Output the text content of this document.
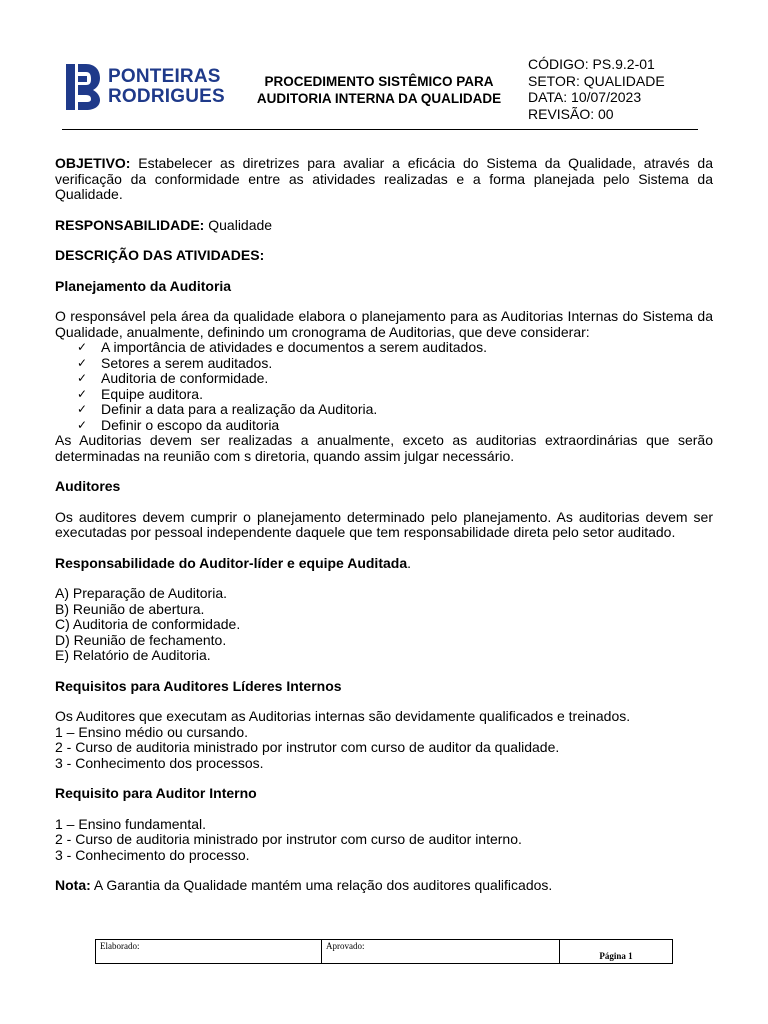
PONTEIRAS
RODRIGUES
PROCEDIMENTO SISTÊMICO PARA
AUDITORIA INTERNA DA QUALIDADE
CÓDIGO: PS.9.2-01
SETOR: QUALIDADE
DATA: 10/07/2023
REVISÃO: 00

OBJETIVO: Estabelecer as diretrizes para avaliar a eficácia do Sistema da Qualidade, através da verificação da conformidade entre as atividades realizadas e a forma planejada pelo Sistema da Qualidade.

RESPONSABILIDADE: Qualidade

DESCRIÇÃO DAS ATIVIDADES:

Planejamento da Auditoria

O responsável pela área da qualidade elabora o planejamento para as Auditorias Internas do Sistema da Qualidade, anualmente, definindo um cronograma de Auditorias, que deve considerar:

✓ A importância de atividades e documentos a serem auditados.
✓ Setores a serem auditados.
✓ Auditoria de conformidade.
✓ Equipe auditora.
✓ Definir a data para a realização da Auditoria.
✓ Definir o escopo da auditoria

As Auditorias devem ser realizadas a anualmente, exceto as auditorias extraordinárias que serão determinadas na reunião com s diretoria, quando assim julgar necessário.

Auditores

Os auditores devem cumprir o planejamento determinado pelo planejamento. As auditorias devem ser executadas por pessoal independente daquele que tem responsabilidade direta pelo setor auditado.

Responsabilidade do Auditor-líder e equipe Auditada.

A) Preparação de Auditoria.
B) Reunião de abertura.
C) Auditoria de conformidade.
D) Reunião de fechamento.
E) Relatório de Auditoria.

Requisitos para Auditores Líderes Internos

Os Auditores que executam as Auditorias internas são devidamente qualificados e treinados.

1 – Ensino médio ou cursando.
2 - Curso de auditoria ministrado por instrutor com curso de auditor da qualidade.
3 - Conhecimento dos processos.

Requisito para Auditor Interno

1 – Ensino fundamental.
2 - Curso de auditoria ministrado por instrutor com curso de auditor interno.
3 - Conhecimento do processo.

Nota: A Garantia da Qualidade mantém uma relação dos auditores qualificados.

Elaborado:	Aprovado:
Página 1
